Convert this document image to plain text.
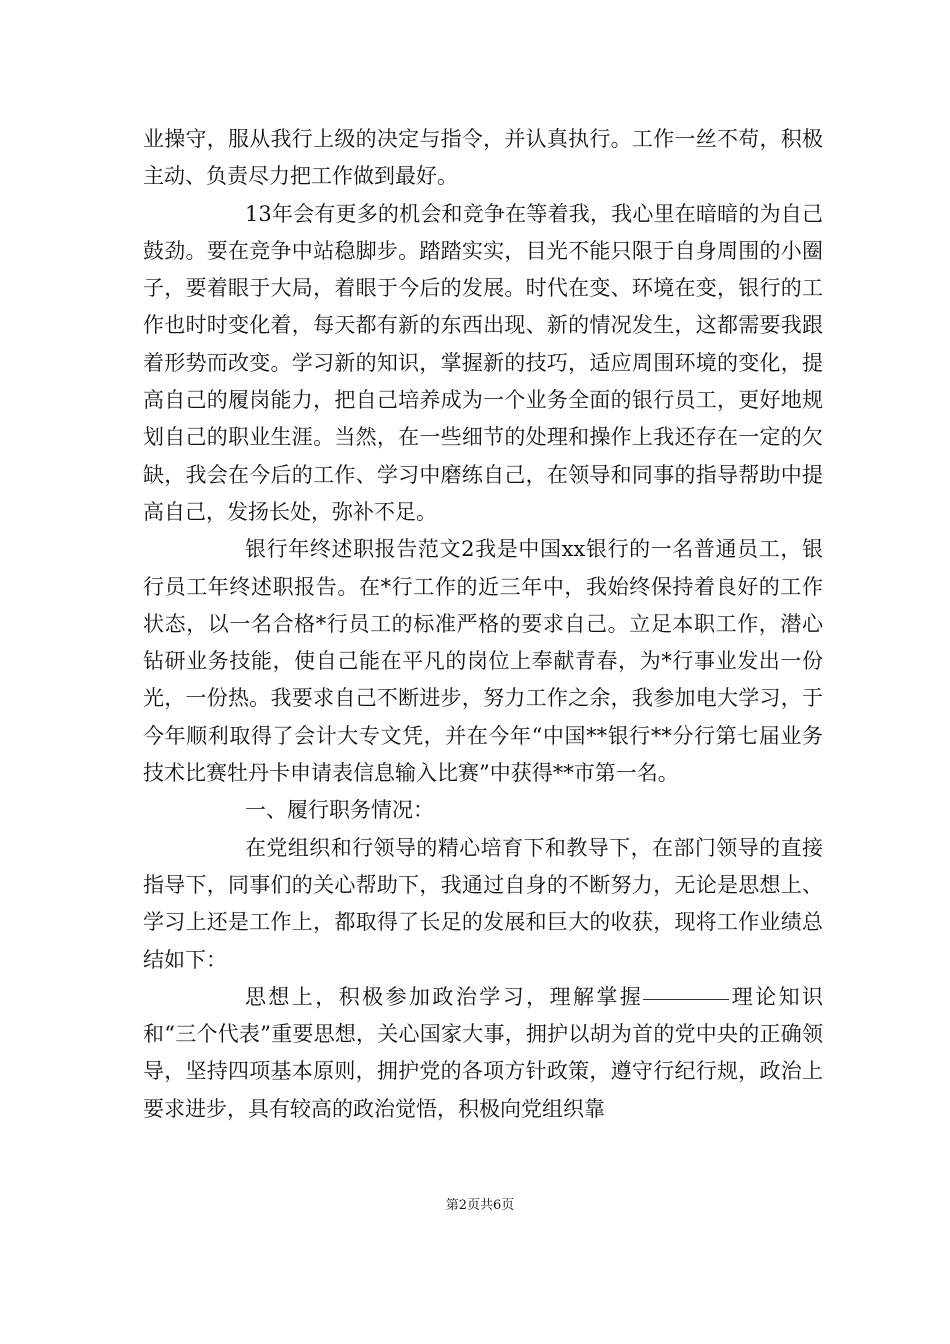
业操守，服从我行上级的决定与指令，并认真执行。工作一丝不苟，积极主动、负责尽力把工作做到最好。

13年会有更多的机会和竞争在等着我，我心里在暗暗的为自己鼓劲。要在竞争中站稳脚步。踏踏实实，目光不能只限于自身周围的小圈子，要着眼于大局，着眼于今后的发展。时代在变、环境在变，银行的工作也时时变化着，每天都有新的东西出现、新的情况发生，这都需要我跟着形势而改变。学习新的知识，掌握新的技巧，适应周围环境的变化，提高自己的履岗能力，把自己培养成为一个业务全面的银行员工，更好地规划自己的职业生涯。当然，在一些细节的处理和操作上我还存在一定的欠缺，我会在今后的工作、学习中磨练自己，在领导和同事的指导帮助中提高自己，发扬长处，弥补不足。

银行年终述职报告范文2我是中国xx银行的一名普通员工，银行员工年终述职报告。在*行工作的近三年中，我始终保持着良好的工作状态，以一名合格*行员工的标准严格的要求自己。立足本职工作，潜心钻研业务技能，使自己能在平凡的岗位上奉献青春，为*行事业发出一份光，一份热。我要求自己不断进步，努力工作之余，我参加电大学习，于今年顺利取得了会计大专文凭，并在今年“中国**银行**分行第七届业务技术比赛牡丹卡申请表信息输入比赛”中获得**市第一名。

一、履行职务情况：

在党组织和行领导的精心培育下和教导下，在部门领导的直接指导下，同事们的关心帮助下，我通过自身的不断努力，无论是思想上、学习上还是工作上，都取得了长足的发展和巨大的收获，现将工作业绩总结如下：

思想上，积极参加政治学习，理解掌握	理论知识和“三个代表”重要思想，关心国家大事，拥护以胡为首的党中央的正确领导，坚持四项基本原则，拥护党的各项方针政策，遵守行纪行规，政治上要求进步，具有较高的政治觉悟，积极向党组织靠

第2页共6页
